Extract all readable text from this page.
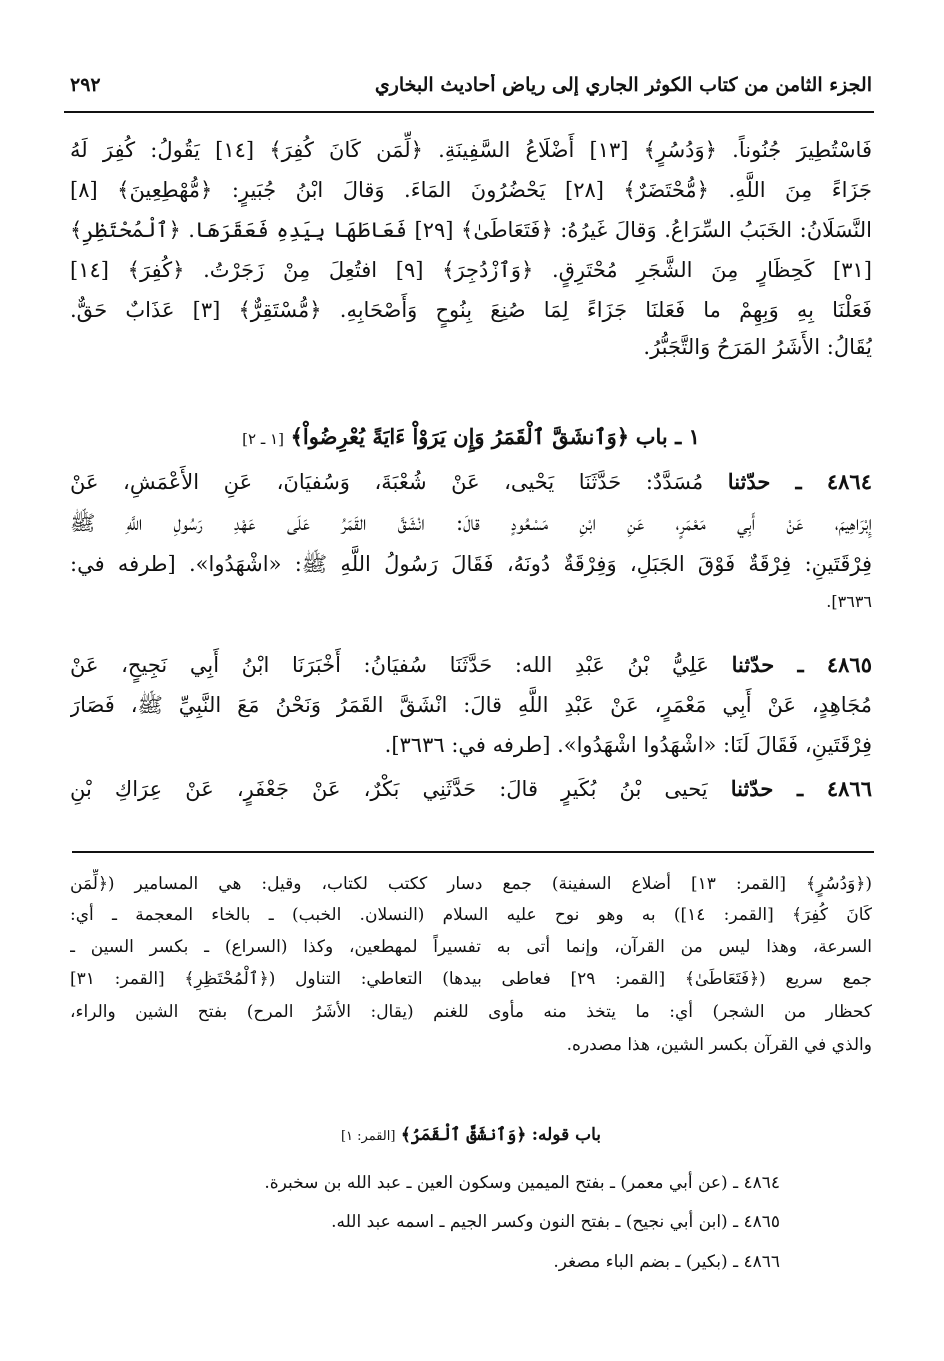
٢٩٢	الجزء الثامن من كتاب الكوثر الجاري إلى رياض أحاديث البخاري
فَاسْتُطِيرَ جُنُوناً. ﴿وَدُسُرٍ﴾ [١٣] أَضْلَاعُ السَّفِينَةِ. ﴿لِّمَن كَانَ كُفِرَ﴾ [١٤] يَقُولُ: كُفِرَ لَهُ
جَزَاءً مِنَ اللَّهِ. ﴿مُّحْتَضَرٌ﴾ [٢٨] يَحْضُرُونَ المَاءَ. وَقالَ ابْنُ جُبَيرٍ: ﴿مُّهْطِعِينَ﴾ [٨]
النَّسَلَانُ: الخَبَبُ السِّرَاعُ. وَقالَ غَيرُهُ: ﴿فَتَعَاطَىٰ﴾ [٢٩] فَعَاطَهَا بِيَدِهِ فَعَقَرَهَا. ﴿ٱلْمُحْتَظِرِ﴾
[٣١] كَحِظَارٍ مِنَ الشَّجَرِ مُحْتَرِقٍ. ﴿وَٱزْدُجِرَ﴾ [٩] افتُعِلَ مِنْ زَجَرْتُ. ﴿كُفِرَ﴾ [١٤]
فَعَلْنَا بِهِ وَبِهِمْ ما فَعَلنَا جَزَاءً لِمَا صُنِعَ بِنُوحٍ وَأَصْحَابِهِ. ﴿مُّسْتَقِرٌّ﴾ [٣] عَذَابٌ حَقٌّ.
يُقَالُ: الأَشَرُ المَرَحُ وَالتَّجَبُّرُ.
١ ـ باب ﴿وَٱنشَقَّ ٱلْقَمَرُ وَإِن يَرَوْاْ ءَايَةً يُعْرِضُواْ﴾ [١ ـ ٢]
٤٨٦٤ ـ حدّثنا مُسَدَّدٌ: حَدَّثَنَا يَحْيى، عَنْ شُعْبَةَ، وَسُفيَانَ، عَنِ الأَعْمَشِ، عَنْ
إِبْرَاهِيمَ، عَنْ أَبِي مَعْمَرٍ، عَنِ ابْنِ مَسْعُودٍ قالَ: انْشَقَّ القَمَرُ عَلَى عَهْدِ رَسُولِ اللَّهِ ﷺ
فِرْقَتَينِ: فِرْقَةٌ فَوْقَ الجَبَلِ، وَفِرْقَةٌ دُونَهُ، فَقَالَ رَسُولُ اللَّهِ ﷺ: «اشْهَدُوا». [طرفه في:
٣٦٣٦].
٤٨٦٥ ـ حدّثنا عَلِيُّ بْنُ عَبْدِ الله: حَدَّثَنَا سُفيَانُ: أَخْبَرَنَا ابْنُ أَبِي نَجِيحٍ، عَنْ
مُجَاهِدٍ، عَنْ أَبِي مَعْمَرٍ، عَنْ عَبْدِ اللَّهِ قالَ: انْشَقَّ القَمَرُ وَنَحْنُ مَعَ النَّبِيِّ ﷺ، فَصَارَ
فِرْقَتَينِ، فَقَالَ لَنَا: «اشْهَدُوا اشْهَدُوا». [طرفه في: ٣٦٣٦].
٤٨٦٦ ـ حدّثنا يَحيى بْنُ بُكَيرٍ قالَ: حَدَّثَنِي بَكْرٌ، عَنْ جَعْفَرٍ، عَنْ عِرَاكِ بْنِ
(﴿وَدُسُرٍ﴾ [القمر: ١٣] أضلاع السفينة) جمع دسار ككتب لكتاب، وقيل: هي المسامير (﴿لِّمَن
كَانَ كُفِرَ﴾ [القمر: ١٤]) به وهو نوح عليه السلام (النسلان. الخبب) ـ بالخاء المعجمة ـ أي:
السرعة، وهذا ليس من القرآن، وإنما أتى به تفسيراً لمهطعين، وكذا (السراع) ـ بكسر السين ـ
جمع سريع (﴿فَتَعَاطَىٰ﴾ [القمر: ٢٩] فعاطى بيدها) التعاطي: التناول (﴿ٱلْمُحْتَظِرِ﴾ [القمر: ٣١]
كحظار من الشجر) أي: ما يتخذ منه مأوى للغنم (يقال: الأشَرُ المرح) بفتح الشين والراء،
والذي في القرآن بكسر الشين، هذا مصدره.
باب قوله: ﴿وَٱنشَقَّ ٱلْقَمَرُ﴾ [القمر: ١]
٤٨٦٤ ـ (عن أبي معمر) ـ بفتح الميمين وسكون العين ـ عبد الله بن سخبرة.
٤٨٦٥ ـ (ابن أبي نجيح) ـ بفتح النون وكسر الجيم ـ اسمه عبد الله.
٤٨٦٦ ـ (بكير) ـ بضم الباء مصغر.
